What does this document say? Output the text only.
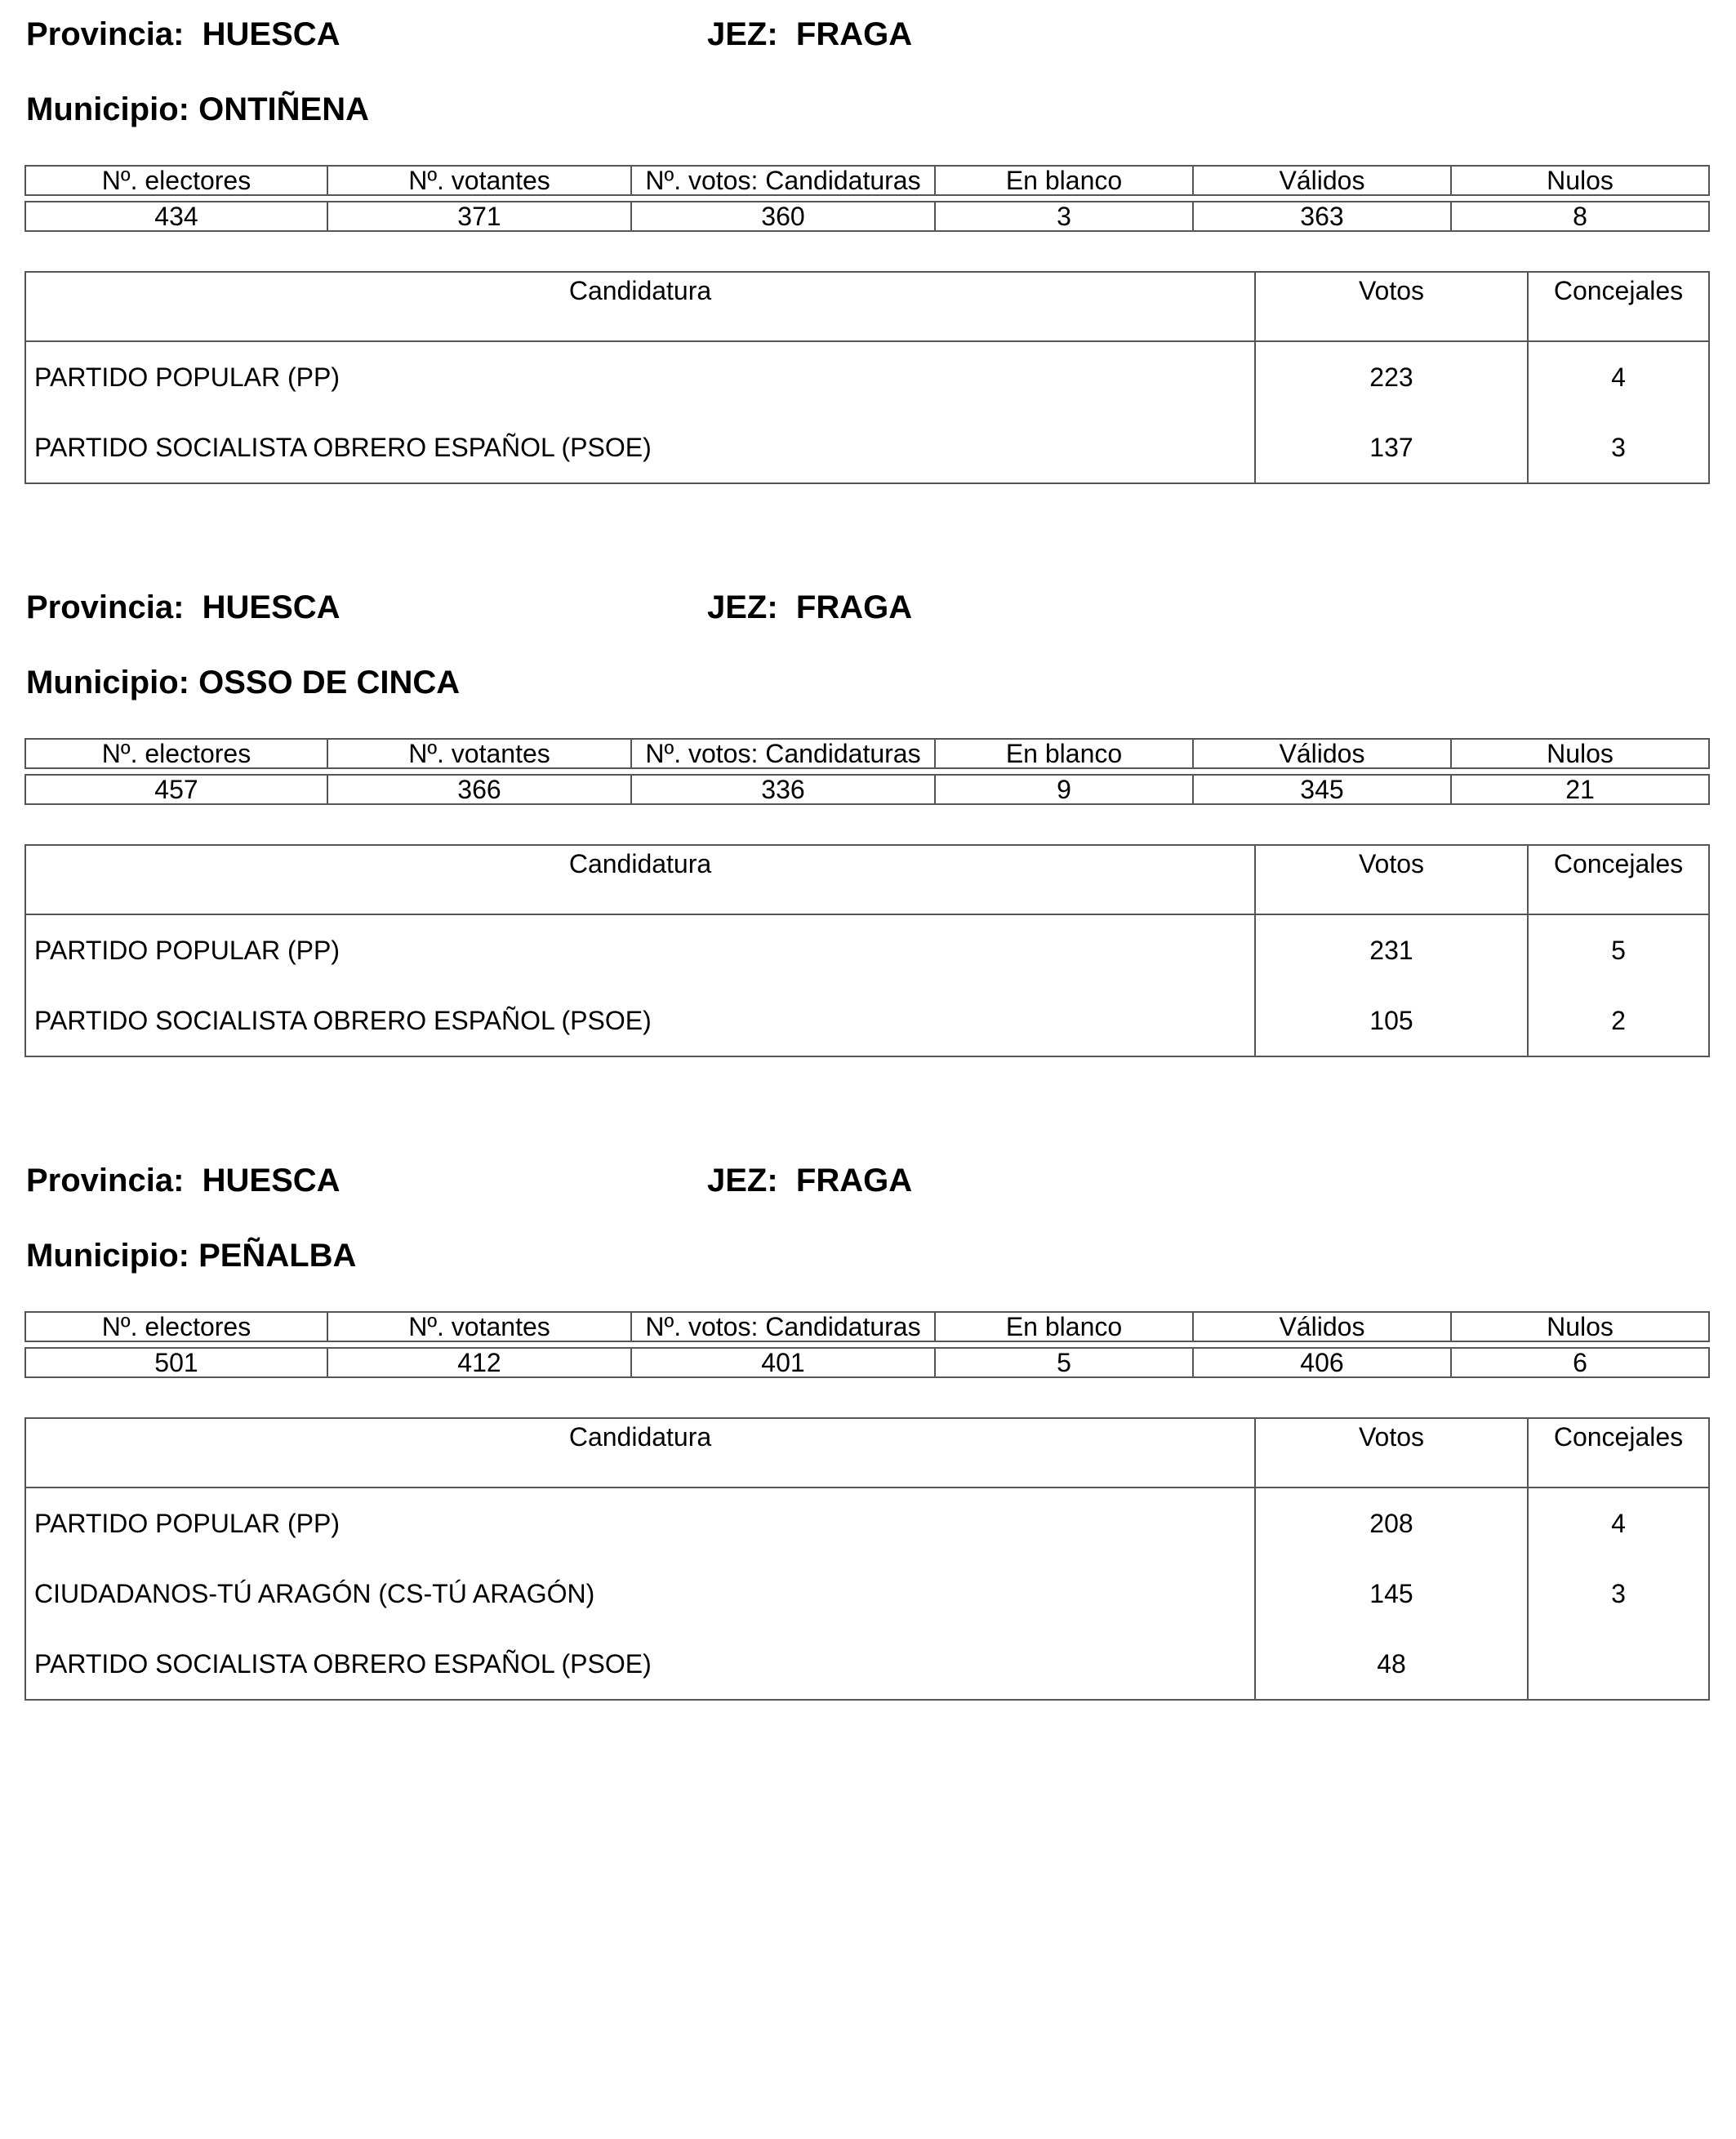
Provincia:  HUESCA	JEZ:  FRAGA
Municipio: ONTIÑENA
Nº. electores	Nº. votantes	Nº. votos: Candidaturas	En blanco	Válidos	Nulos
434	371	360	3	363	8
Candidatura	Votos	Concejales
PARTIDO POPULAR (PP)	223	4
PARTIDO SOCIALISTA OBRERO ESPAÑOL (PSOE)	137	3
Provincia:  HUESCA	JEZ:  FRAGA
Municipio: OSSO DE CINCA
Nº. electores	Nº. votantes	Nº. votos: Candidaturas	En blanco	Válidos	Nulos
457	366	336	9	345	21
Candidatura	Votos	Concejales
PARTIDO POPULAR (PP)	231	5
PARTIDO SOCIALISTA OBRERO ESPAÑOL (PSOE)	105	2
Provincia:  HUESCA	JEZ:  FRAGA
Municipio: PEÑALBA
Nº. electores	Nº. votantes	Nº. votos: Candidaturas	En blanco	Válidos	Nulos
501	412	401	5	406	6
Candidatura	Votos	Concejales
PARTIDO POPULAR (PP)	208	4
CIUDADANOS-TÚ ARAGÓN (CS-TÚ ARAGÓN)	145	3
PARTIDO SOCIALISTA OBRERO ESPAÑOL (PSOE)	48	
